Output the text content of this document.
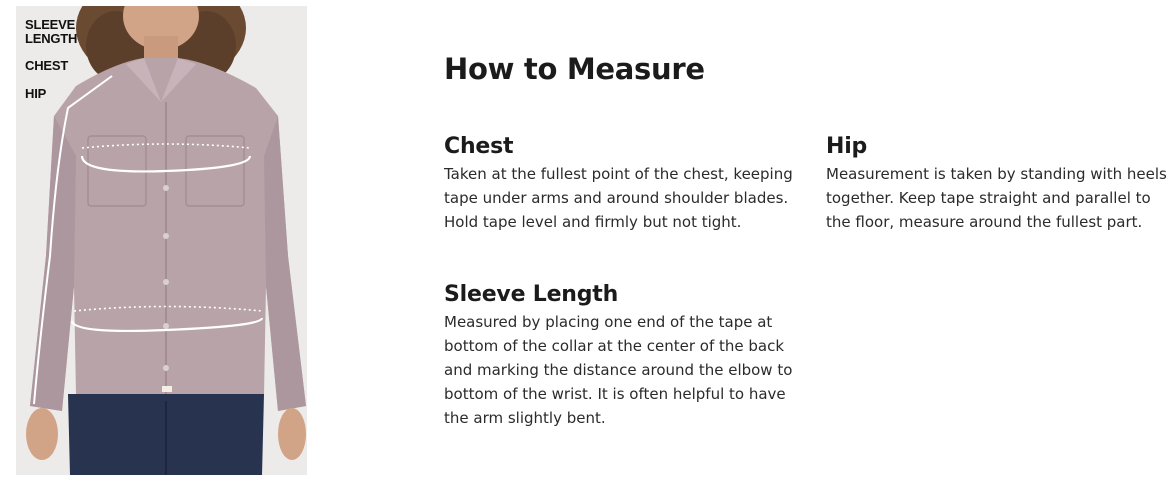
SLEEVE LENGTH
CHEST
HIP
How to Measure
Chest

Taken at the fullest point of the chest, keeping tape under arms and around shoulder blades. Hold tape level and firmly but not tight.

Hip

Measurement is taken by standing with heels together. Keep tape straight and parallel to the floor, measure around the fullest part.

Sleeve Length

Measured by placing one end of the tape at bottom of the collar at the center of the back and marking the distance around the elbow to bottom of the wrist. It is often helpful to have the arm slightly bent.
